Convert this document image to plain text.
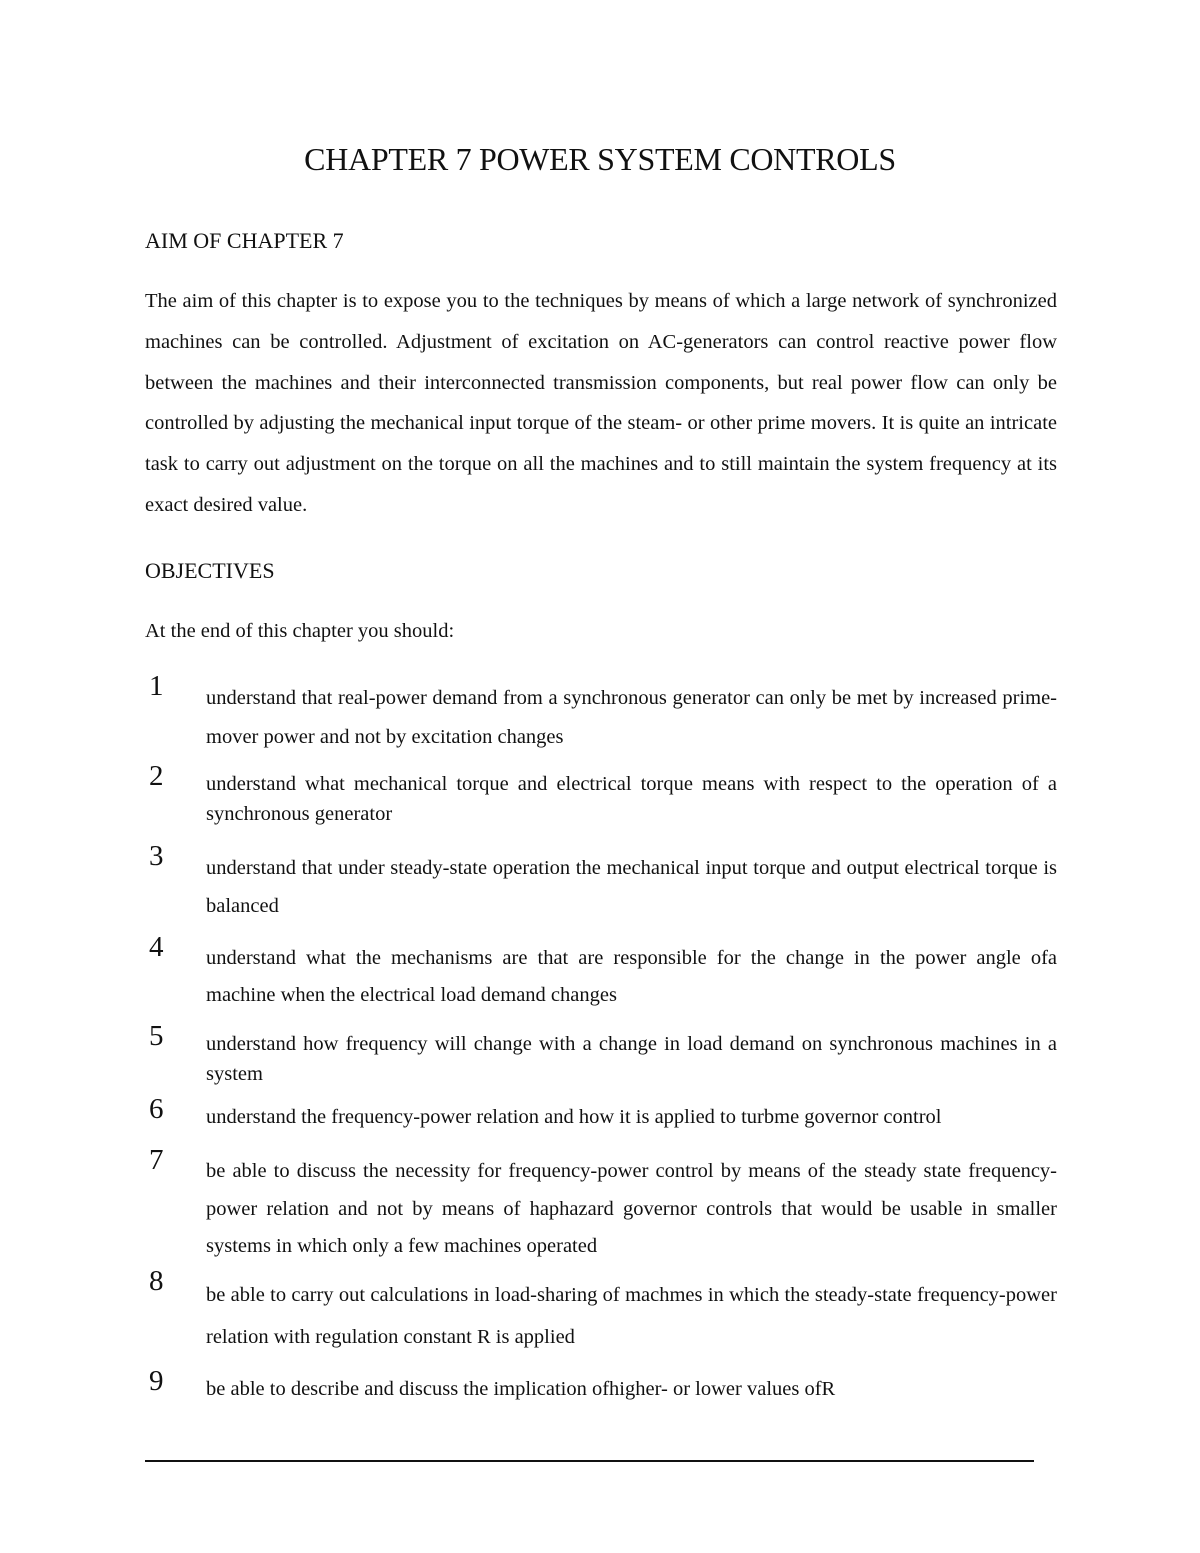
CHAPTER 7 POWER SYSTEM CONTROLS
AIM OF CHAPTER 7

The aim of this chapter is to expose you to the techniques by means of which a large network of synchronized machines can be controlled. Adjustment of excitation on AC-generators can control reactive power flow between the machines and their interconnected transmission components, but real power flow can only be controlled by adjusting the mechanical input torque of the steam- or other prime movers. It is quite an intricate task to carry out adjustment on the torque on all the machines and to still maintain the system frequency at its exact desired value.

OBJECTIVES
At the end of this chapter you should:
1 understand that real-power demand from a synchronous generator can only be met by increased prime-mover power and not by excitation changes
2 understand what mechanical torque and electrical torque means with respect to the operation of a synchronous generator
3 understand that under steady-state operation the mechanical input torque and output electrical torque is balanced
4 understand what the mechanisms are that are responsible for the change in the power angle ofa machine when the electrical load demand changes
5 understand how frequency will change with a change in load demand on synchronous machines in a system
6 understand the frequency-power relation and how it is applied to turbme governor control
7 be able to discuss the necessity for frequency-power control by means of the steady state frequency-power relation and not by means of haphazard governor controls that would be usable in smaller systems in which only a few machines operated
8 be able to carry out calculations in load-sharing of machmes in which the steady-state frequency-power relation with regulation constant R is applied
9 be able to describe and discuss the implication ofhigher- or lower values ofR
